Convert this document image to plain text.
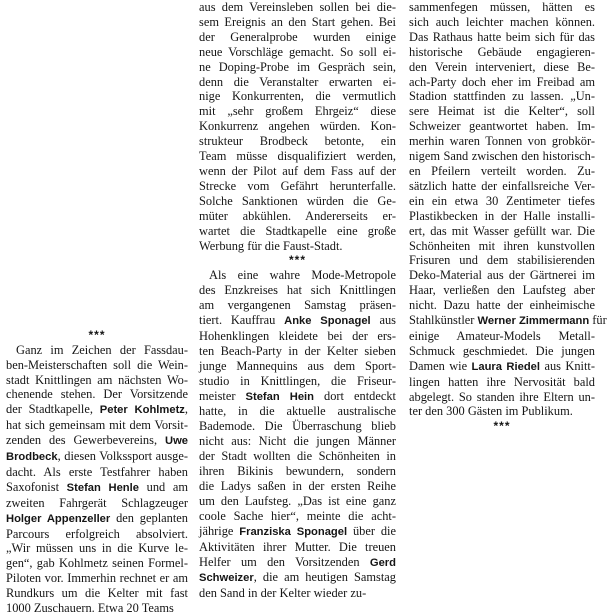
***
Ganz im Zeichen der Fassdau-
ben-Meisterschaften soll die Wein-
stadt Knittlingen am nächsten Wo-
chenende stehen. Der Vorsitzende
der Stadtkapelle, Peter Kohlmetz,
hat sich gemeinsam mit dem Vorsit-
zenden des Gewerbevereins, Uwe
Brodbeck, diesen Volkssport ausge-
dacht. Als erste Testfahrer haben
Saxofonist Stefan Henle und am
zweiten Fahrgerät Schlagzeuger
Holger Appenzeller den geplanten
Parcours erfolgreich absolviert.
„Wir müssen uns in die Kurve le-
gen“, gab Kohlmetz seinen Formel-
Piloten vor. Immerhin rechnet er am
Rundkurs um die Kelter mit fast
1000 Zuschauern. Etwa 20 Teams
aus dem Vereinsleben sollen bei die-
sem Ereignis an den Start gehen. Bei
der Generalprobe wurden einige
neue Vorschläge gemacht. So soll ei-
ne Doping-Probe im Gespräch sein,
denn die Veranstalter erwarten ei-
nige Konkurrenten, die vermutlich
mit „sehr großem Ehrgeiz“ diese
Konkurrenz angehen würden. Kon-
strukteur Brodbeck betonte, ein
Team müsse disqualifiziert werden,
wenn der Pilot auf dem Fass auf der
Strecke vom Gefährt herunterfalle.
Solche Sanktionen würden die Ge-
müter abkühlen. Andererseits er-
wartet die Stadtkapelle eine große
Werbung für die Faust-Stadt.
***
Als eine wahre Mode-Metropole
des Enzkreises hat sich Knittlingen
am vergangenen Samstag präsen-
tiert. Kauffrau Anke Sponagel aus
Hohenklingen kleidete bei der ers-
ten Beach-Party in der Kelter sieben
junge Mannequins aus dem Sport-
studio in Knittlingen, die Friseur-
meister Stefan Hein dort entdeckt
hatte, in die aktuelle australische
Bademode. Die Überraschung blieb
nicht aus: Nicht die jungen Männer
der Stadt wollten die Schönheiten in
ihren Bikinis bewundern, sondern
die Ladys saßen in der ersten Reihe
um den Laufsteg. „Das ist eine ganz
coole Sache hier“, meinte die acht-
jährige Franziska Sponagel über die
Aktivitäten ihrer Mutter. Die treuen
Helfer um den Vorsitzenden Gerd
Schweizer, die am heutigen Samstag
den Sand in der Kelter wieder zu-
sammenfegen müssen, hätten es
sich auch leichter machen können.
Das Rathaus hatte beim sich für das
historische Gebäude engagieren-
den Verein interveniert, diese Be-
ach-Party doch eher im Freibad am
Stadion stattfinden zu lassen. „Un-
sere Heimat ist die Kelter“, soll
Schweizer geantwortet haben. Im-
merhin waren Tonnen von grobkör-
nigem Sand zwischen den historisch-
en Pfeilern verteilt worden. Zu-
sätzlich hatte der einfallsreiche Ver-
ein ein etwa 30 Zentimeter tiefes
Plastikbecken in der Halle installi-
ert, das mit Wasser gefüllt war. Die
Schönheiten mit ihren kunstvollen
Frisuren und dem stabilisierenden
Deko-Material aus der Gärtnerei im
Haar, verließen den Laufsteg aber
nicht. Dazu hatte der einheimische
Stahlkünstler Werner Zimmermann für
einige Amateur-Models Metall-
Schmuck geschmiedet. Die jungen
Damen wie Laura Riedel aus Knitt-
lingen hatten ihre Nervosität bald
abgelegt. So standen ihre Eltern un-
ter den 300 Gästen im Publikum.
***
